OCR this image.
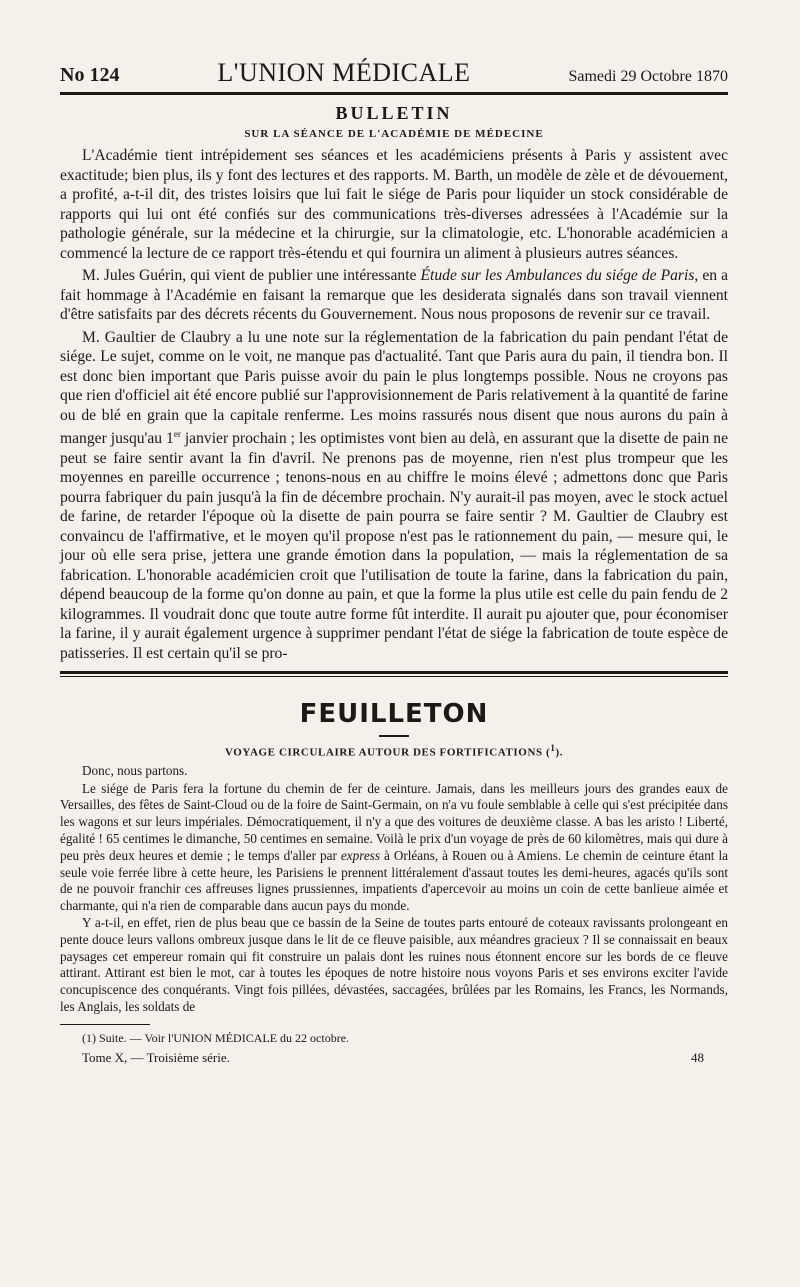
No 124	L'UNION MÉDICALE	Samedi 29 Octobre 1870
BULLETIN
SUR LA SÉANCE DE L'ACADÉMIE DE MÉDECINE

L'Académie tient intrépidement ses séances et les académiciens présents à Paris y assistent avec exactitude; bien plus, ils y font des lectures et des rapports. M. Barth, un modèle de zèle et de dévouement, a profité, a-t-il dit, des tristes loisirs que lui fait le siége de Paris pour liquider un stock considérable de rapports qui lui ont été confiés sur des communications très-diverses adressées à l'Académie sur la pathologie générale, sur la médecine et la chirurgie, sur la climatologie, etc. L'honorable académicien a commencé la lecture de ce rapport très-étendu et qui fournira un aliment à plusieurs autres séances.

M. Jules Guérin, qui vient de publier une intéressante Étude sur les Ambulances du siége de Paris, en a fait hommage à l'Académie en faisant la remarque que les desiderata signalés dans son travail viennent d'être satisfaits par des décrets récents du Gouvernement. Nous nous proposons de revenir sur ce travail.

M. Gaultier de Claubry a lu une note sur la réglementation de la fabrication du pain pendant l'état de siége. Le sujet, comme on le voit, ne manque pas d'actualité. Tant que Paris aura du pain, il tiendra bon. Il est donc bien important que Paris puisse avoir du pain le plus longtemps possible. Nous ne croyons pas que rien d'officiel ait été encore publié sur l'approvisionnement de Paris relativement à la quantité de farine ou de blé en grain que la capitale renferme. Les moins rassurés nous disent que nous aurons du pain à manger jusqu'au 1er janvier prochain ; les optimistes vont bien au delà, en assurant que la disette de pain ne peut se faire sentir avant la fin d'avril. Ne prenons pas de moyenne, rien n'est plus trompeur que les moyennes en pareille occurrence ; tenons-nous en au chiffre le moins élevé ; admettons donc que Paris pourra fabriquer du pain jusqu'à la fin de décembre prochain. N'y aurait-il pas moyen, avec le stock actuel de farine, de retarder l'époque où la disette de pain pourra se faire sentir ? M. Gaultier de Claubry est convaincu de l'affirmative, et le moyen qu'il propose n'est pas le rationnement du pain, — mesure qui, le jour où elle sera prise, jettera une grande émotion dans la population, — mais la réglementation de sa fabrication. L'honorable académicien croit que l'utilisation de toute la farine, dans la fabrication du pain, dépend beaucoup de la forme qu'on donne au pain, et que la forme la plus utile est celle du pain fendu de 2 kilogrammes. Il voudrait donc que toute autre forme fût interdite. Il aurait pu ajouter que, pour économiser la farine, il y aurait également urgence à supprimer pendant l'état de siége la fabrication de toute espèce de patisseries. Il est certain qu'il se pro-

FEUILLETON
VOYAGE CIRCULAIRE AUTOUR DES FORTIFICATIONS ($^1$).

Donc, nous partons.

Le siége de Paris fera la fortune du chemin de fer de ceinture. Jamais, dans les meilleurs jours des grandes eaux de Versailles, des fêtes de Saint-Cloud ou de la foire de Saint-Germain, on n'a vu foule semblable à celle qui s'est précipitée dans les wagons et sur leurs impériales. Démocratiquement, il n'y a que des voitures de deuxième classe. A bas les aristo ! Liberté, égalité ! 65 centimes le dimanche, 50 centimes en semaine. Voilà le prix d'un voyage de près de 60 kilomètres, mais qui dure à peu près deux heures et demie ; le temps d'aller par express à Orléans, à Rouen ou à Amiens. Le chemin de ceinture étant la seule voie ferrée libre à cette heure, les Parisiens le prennent littéralement d'assaut toutes les demi-heures, agacés qu'ils sont de ne pouvoir franchir ces affreuses lignes prussiennes, impatients d'apercevoir au moins un coin de cette banlieue aimée et charmante, qui n'a rien de comparable dans aucun pays du monde.

Y a-t-il, en effet, rien de plus beau que ce bassin de la Seine de toutes parts entouré de coteaux ravissants prolongeant en pente douce leurs vallons ombreux jusque dans le lit de ce fleuve paisible, aux méandres gracieux ? Il se connaissait en beaux paysages cet empereur romain qui fit construire un palais dont les ruines nous étonnent encore sur les bords de ce fleuve attirant. Attirant est bien le mot, car à toutes les époques de notre histoire nous voyons Paris et ses environs exciter l'avide concupiscence des conquérants. Vingt fois pillées, dévastées, saccagées, brûlées par les Romains, les Francs, les Normands, les Anglais, les soldats de

(1) Suite. — Voir l'UNION MÉDICALE du 22 octobre.
Tome X, — Troisième série.	48
